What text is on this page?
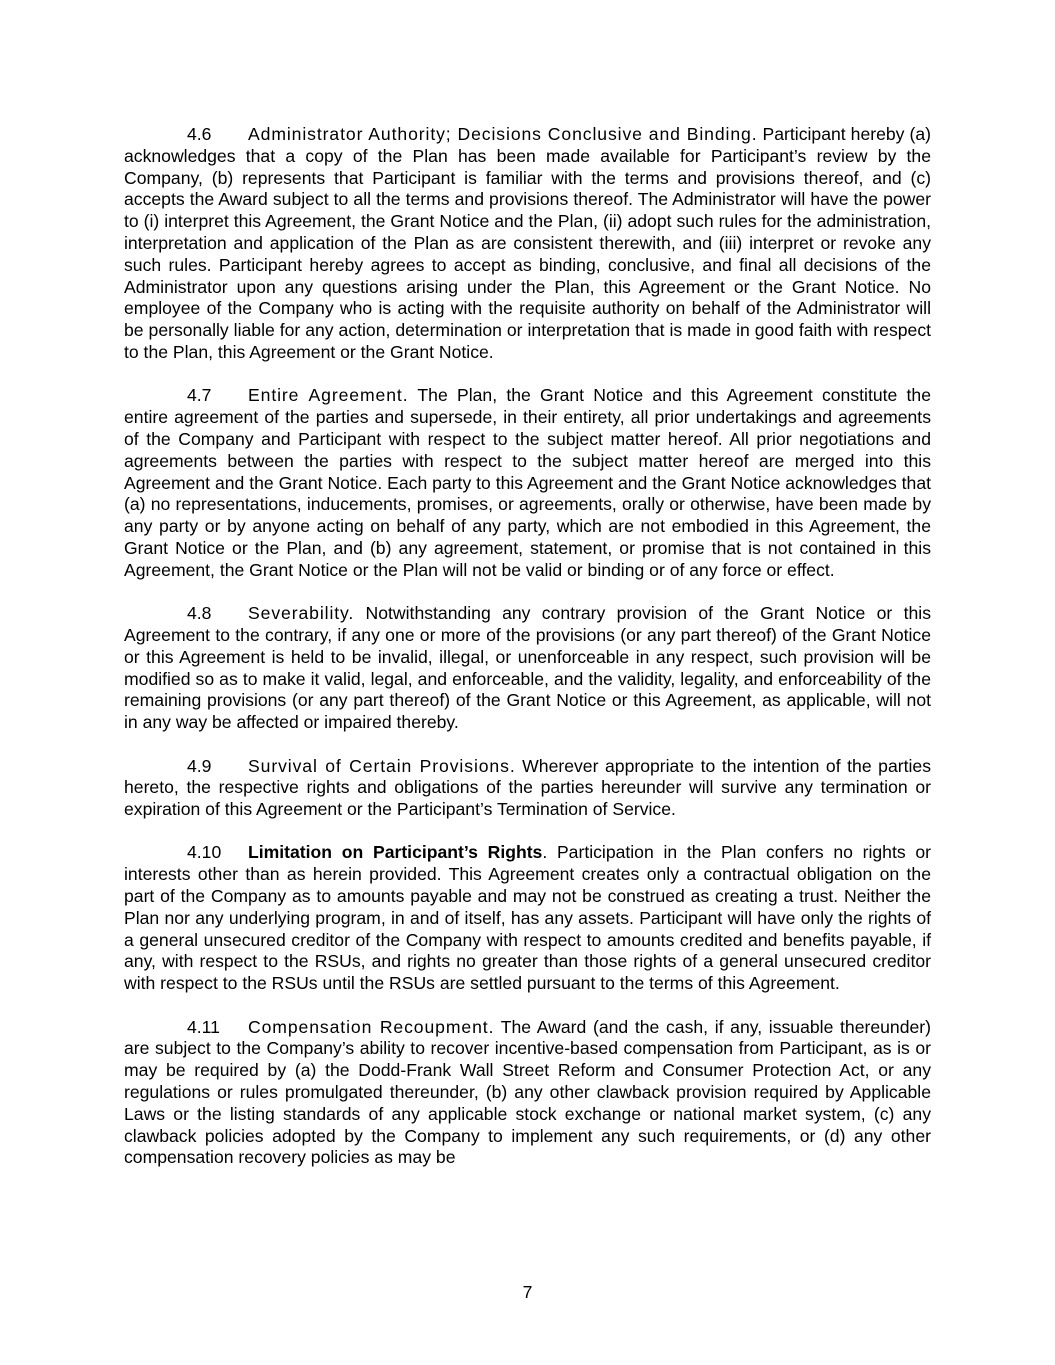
4.6 Administrator Authority; Decisions Conclusive and Binding. Participant hereby (a) acknowledges that a copy of the Plan has been made available for Participant’s review by the Company, (b) represents that Participant is familiar with the terms and provisions thereof, and (c) accepts the Award subject to all the terms and provisions thereof. The Administrator will have the power to (i) interpret this Agreement, the Grant Notice and the Plan, (ii) adopt such rules for the administration, interpretation and application of the Plan as are consistent therewith, and (iii) interpret or revoke any such rules. Participant hereby agrees to accept as binding, conclusive, and final all decisions of the Administrator upon any questions arising under the Plan, this Agreement or the Grant Notice. No employee of the Company who is acting with the requisite authority on behalf of the Administrator will be personally liable for any action, determination or interpretation that is made in good faith with respect to the Plan, this Agreement or the Grant Notice.

4.7 Entire Agreement. The Plan, the Grant Notice and this Agreement constitute the entire agreement of the parties and supersede, in their entirety, all prior undertakings and agreements of the Company and Participant with respect to the subject matter hereof. All prior negotiations and agreements between the parties with respect to the subject matter hereof are merged into this Agreement and the Grant Notice. Each party to this Agreement and the Grant Notice acknowledges that (a) no representations, inducements, promises, or agreements, orally or otherwise, have been made by any party or by anyone acting on behalf of any party, which are not embodied in this Agreement, the Grant Notice or the Plan, and (b) any agreement, statement, or promise that is not contained in this Agreement, the Grant Notice or the Plan will not be valid or binding or of any force or effect.

4.8 Severability. Notwithstanding any contrary provision of the Grant Notice or this Agreement to the contrary, if any one or more of the provisions (or any part thereof) of the Grant Notice or this Agreement is held to be invalid, illegal, or unenforceable in any respect, such provision will be modified so as to make it valid, legal, and enforceable, and the validity, legality, and enforceability of the remaining provisions (or any part thereof) of the Grant Notice or this Agreement, as applicable, will not in any way be affected or impaired thereby.

4.9 Survival of Certain Provisions. Wherever appropriate to the intention of the parties hereto, the respective rights and obligations of the parties hereunder will survive any termination or expiration of this Agreement or the Participant’s Termination of Service.

4.10 Limitation on Participant’s Rights. Participation in the Plan confers no rights or interests other than as herein provided. This Agreement creates only a contractual obligation on the part of the Company as to amounts payable and may not be construed as creating a trust. Neither the Plan nor any underlying program, in and of itself, has any assets. Participant will have only the rights of a general unsecured creditor of the Company with respect to amounts credited and benefits payable, if any, with respect to the RSUs, and rights no greater than those rights of a general unsecured creditor with respect to the RSUs until the RSUs are settled pursuant to the terms of this Agreement.

4.11 Compensation Recoupment. The Award (and the cash, if any, issuable thereunder) are subject to the Company’s ability to recover incentive-based compensation from Participant, as is or may be required by (a) the Dodd-Frank Wall Street Reform and Consumer Protection Act, or any regulations or rules promulgated thereunder, (b) any other clawback provision required by Applicable Laws or the listing standards of any applicable stock exchange or national market system, (c) any clawback policies adopted by the Company to implement any such requirements, or (d) any other compensation recovery policies as may be

7
